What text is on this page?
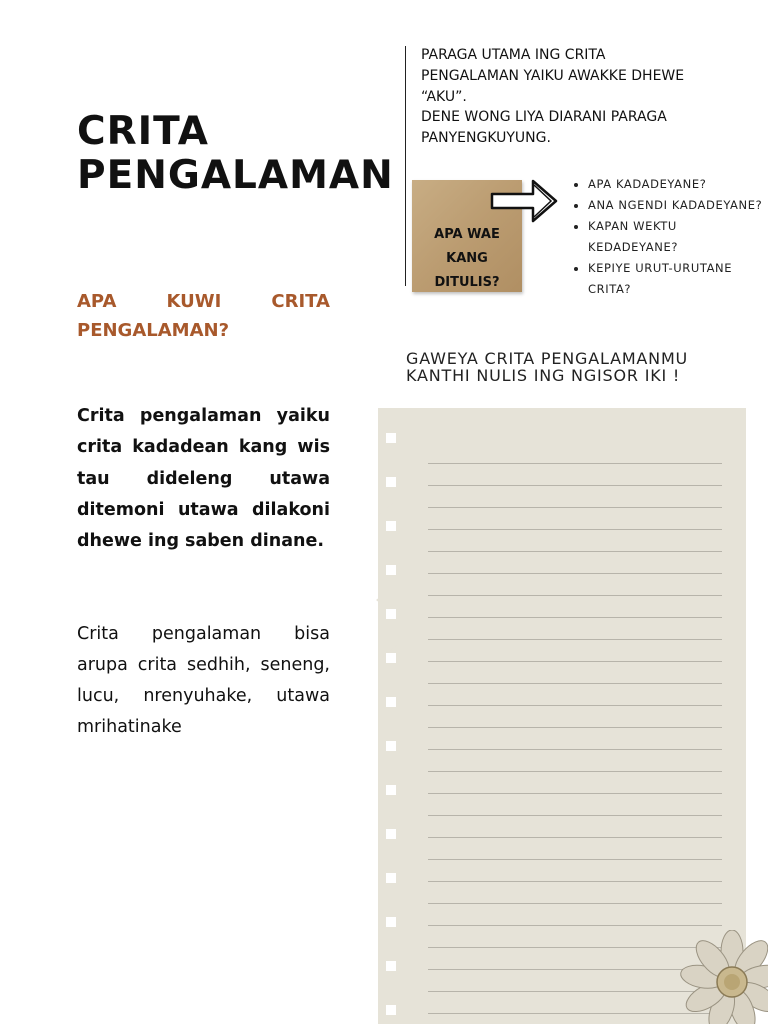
CRITA
PENGALAMAN

PARAGA UTAMA ING CRITA

PENGALAMAN YAIKU AWAKKE DHEWE

“AKU”.

DENE WONG LIYA DIARANI PARAGA

PANYENGKUYUNG.

APA WAE
KANG
DITULIS?
• APA KADADEYANE?
• ANA NGENDI KADADEYANE?
• KAPAN WEKTU KEDADEYANE?
• KEPIYE URUT-URUTANE CRITA?
APA KUWI CRITA PENGALAMAN?

Crita pengalaman yaiku crita kadadean kang wis tau dideleng utawa ditemoni utawa dilakoni dhewe ing saben dinane.

Crita pengalaman bisa arupa crita sedhih, seneng, lucu, nrenyuhake, utawa mrihatinake

GAWEYA CRITA PENGALAMANMU KANTHI NULIS ING NGISOR IKI !
